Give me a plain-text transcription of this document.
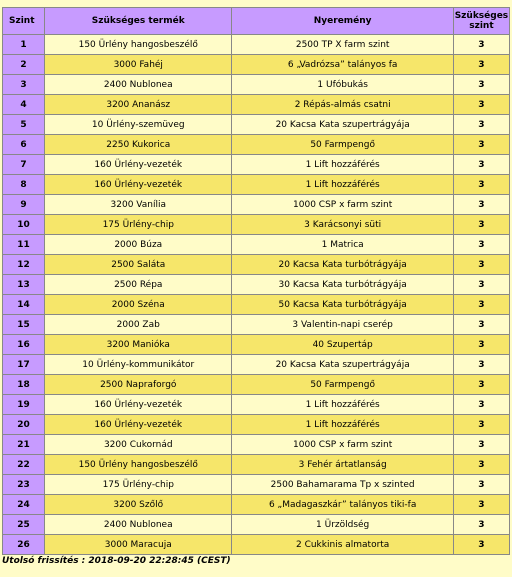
Szint	Szükséges termék	Nyeremény	Szükséges szint
1	150 Ürlény hangosbeszélő	2500 TP X farm szint	3
2	3000 Fahéj	6 „Vadrózsa” talányos fa	3
3	2400 Nublonea	1 Ufóbukás	3
4	3200 Ananász	2 Répás-almás csatni	3
5	10 Ürlény-szemüveg	20 Kacsa Kata szupertrágyája	3
6	2250 Kukorica	50 Farmpengő	3
7	160 Ürlény-vezeték	1 Lift hozzáférés	3
8	160 Ürlény-vezeték	1 Lift hozzáférés	3
9	3200 Vanília	1000 CSP x farm szint	3
10	175 Ürlény-chip	3 Karácsonyi süti	3
11	2000 Búza	1 Matrica	3
12	2500 Saláta	20 Kacsa Kata turbótrágyája	3
13	2500 Répa	30 Kacsa Kata turbótrágyája	3
14	2000 Széna	50 Kacsa Kata turbótrágyája	3
15	2000 Zab	3 Valentin-napi cserép	3
16	3200 Manióka	40 Szupertáp	3
17	10 Ürlény-kommunikátor	20 Kacsa Kata szupertrágyája	3
18	2500 Napraforgó	50 Farmpengő	3
19	160 Ürlény-vezeték	1 Lift hozzáférés	3
20	160 Ürlény-vezeték	1 Lift hozzáférés	3
21	3200 Cukornád	1000 CSP x farm szint	3
22	150 Ürlény hangosbeszélő	3 Fehér ártatlanság	3
23	175 Ürlény-chip	2500 Bahamarama Tp x szinted	3
24	3200 Szőlő	6 „Madagaszkár” talányos tiki-fa	3
25	2400 Nublonea	1 Ürzöldség	3
26	3000 Maracuja	2 Cukkinis almatorta	3
Utolsó frissítés : 2018-09-20 22:28:45 (CEST)
